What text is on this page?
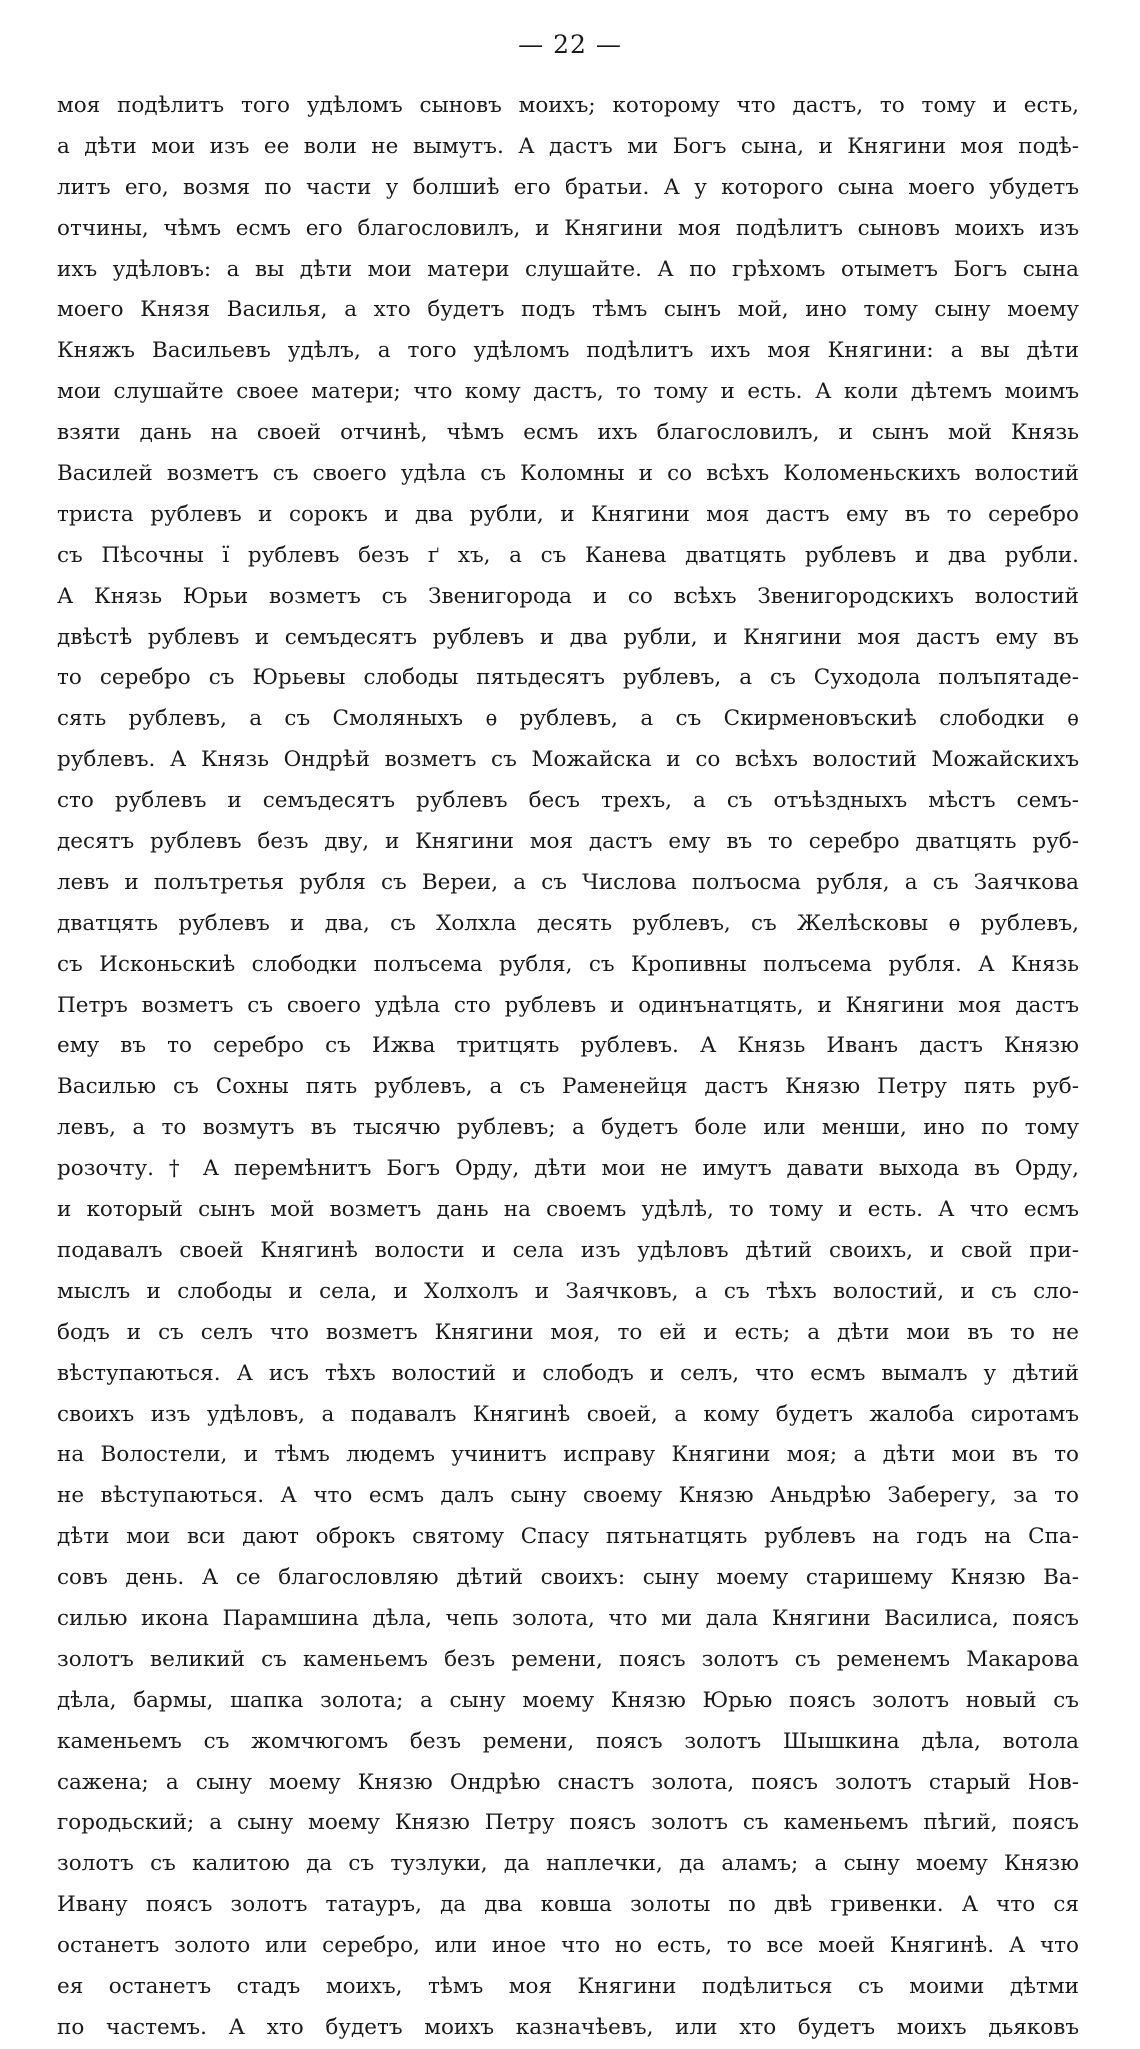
— 22 —
моя подѣлитъ того удѣломъ сыновъ моихъ; которому что дастъ, то тому и есть,
а дѣти мои изъ ее воли не вымутъ. А дастъ ми Богъ сына, и Княгини моя подѣ-
литъ его, возмя по части у болшиѣ его братьи. А у которого сына моего убудетъ
отчины, чѣмъ есмъ его благословилъ, и Княгини моя подѣлитъ сыновъ моихъ изъ
ихъ удѣловъ: а вы дѣти мои матери слушайте. А по грѣхомъ отыметъ Богъ сына
моего Князя Василья, а хто будетъ подъ тѣмъ сынъ мой, ино тому сыну моему
Княжъ Васильевъ удѣлъ, а того удѣломъ подѣлитъ ихъ моя Княгини: а вы дѣти
мои слушайте своее матери; что кому дастъ, то тому и есть. А коли дѣтемъ моимъ
взяти дань на своей отчинѣ, чѣмъ есмъ ихъ благословилъ, и сынъ мой Князь
Василей возметъ съ своего удѣла съ Коломны и со всѣхъ Коломеньскихъ волостий
триста рублевъ и сорокъ и два рубли, и Княгини моя дастъ ему въ то серебро
съ Пѣсочны ї рублевъ безъ ґ хъ, а съ Канева дватцять рублевъ и два рубли.
А Князь Юрьи возметъ съ Звенигорода и со всѣхъ Звенигородскихъ волостий
двѣстѣ рублевъ и семъдесятъ рублевъ и два рубли, и Княгини моя дастъ ему въ
то серебро съ Юрьевы слободы пятьдесятъ рублевъ, а съ Суходола полъпятаде-
сять рублевъ, а съ Смоляныхъ ѳ рублевъ, а съ Скирменовъскиѣ слободки ѳ
рублевъ. А Князь Ондрѣй возметъ съ Можайска и со всѣхъ волостий Можайскихъ
сто рублевъ и семъдесятъ рублевъ бесъ трехъ, а съ отъѣздныхъ мѣстъ семъ-
десятъ рублевъ безъ дву, и Княгини моя дастъ ему въ то серебро дватцять руб-
левъ и полътретья рубля съ Вереи, а съ Числова полъосма рубля, а съ Заячкова
дватцять рублевъ и два, съ Холхла десять рублевъ, съ Желѣсковы ѳ рублевъ,
съ Исконьскиѣ слободки полъсема рубля, съ Кропивны полъсема рубля. А Князь
Петръ возметъ съ своего удѣла сто рублевъ и одинънатцять, и Княгини моя дастъ
ему въ то серебро съ Ижва тритцять рублевъ. А Князь Иванъ дастъ Князю
Василью съ Сохны пять рублевъ, а съ Раменейця дастъ Князю Петру пять руб-
левъ, а то возмутъ въ тысячю рублевъ; а будетъ боле или менши, ино по тому
розочту. † А перемѣнитъ Богъ Орду, дѣти мои не имутъ давати выхода въ Орду,
и который сынъ мой возметъ дань на своемъ удѣлѣ, то тому и есть. А что есмъ
подавалъ своей Княгинѣ волости и села изъ удѣловъ дѣтий своихъ, и свой при-
мыслъ и слободы и села, и Холхолъ и Заячковъ, а съ тѣхъ волостий, и съ сло-
бодъ и съ селъ что возметъ Княгини моя, то ей и есть; а дѣти мои въ то не
вѣступаються. А исъ тѣхъ волостий и слободъ и селъ, что есмъ вымалъ у дѣтий
своихъ изъ удѣловъ, а подавалъ Княгинѣ своей, а кому будетъ жалоба сиротамъ
на Волостели, и тѣмъ людемъ учинитъ исправу Княгини моя; а дѣти мои въ то
не вѣступаються. А что есмъ далъ сыну своему Князю Аньдрѣю Заберегу, за то
дѣти мои вси дают оброкъ святому Спасу пятьнатцять рублевъ на годъ на Спа-
совъ день. А се благословляю дѣтий своихъ: сыну моему старишему Князю Ва-
силью икона Парамшина дѣла, чепь золота, что ми дала Княгини Василиса, поясъ
золотъ великий съ каменьемъ безъ ремени, поясъ золотъ съ ременемъ Макарова
дѣла, бармы, шапка золота; а сыну моему Князю Юрью поясъ золотъ новый съ
каменьемъ съ жомчюгомъ безъ ремени, поясъ золотъ Шышкина дѣла, вотола
сажена; а сыну моему Князю Ондрѣю снастъ золота, поясъ золотъ старый Нов-
городьский; а сыну моему Князю Петру поясъ золотъ съ каменьемъ пѣгий, поясъ
золотъ съ калитою да съ тузлуки, да наплечки, да аламъ; а сыну моему Князю
Ивану поясъ золотъ татауръ, да два ковша золоты по двѣ гривенки. А что ся
останетъ золото или серебро, или иное что но есть, то все моей Княгинѣ. А что
ея останетъ стадъ моихъ, тѣмъ моя Княгини подѣлиться съ моими дѣтми
по частемъ. А хто будетъ моихъ казначѣевъ, или хто будетъ моихъ дьяковъ
